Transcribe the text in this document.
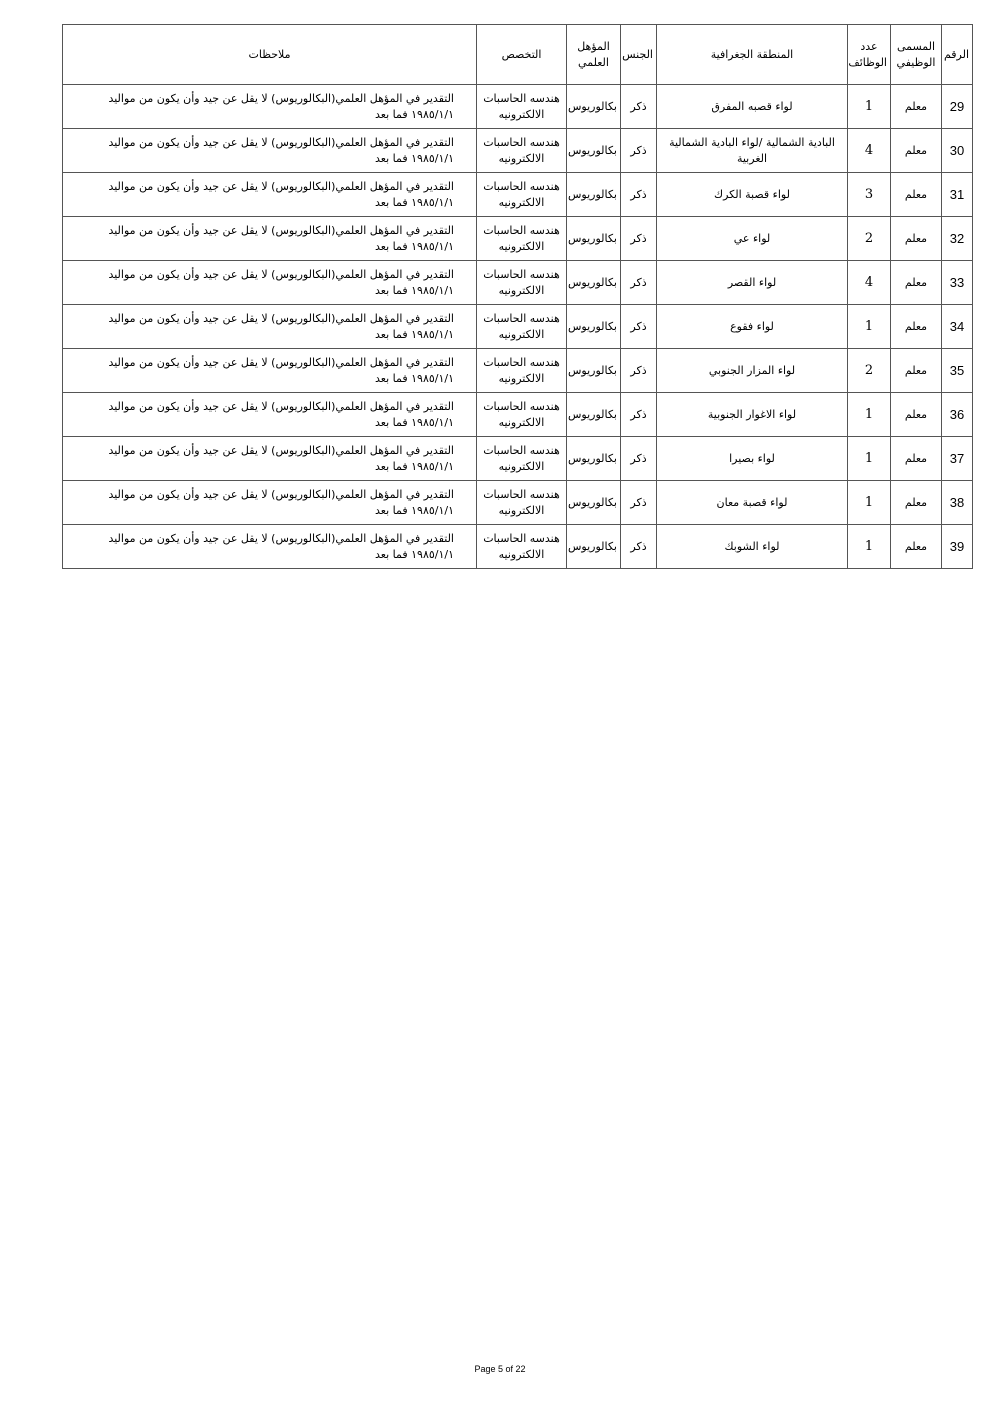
الرقم	المسمى الوظيفي	عدد الوظائف	المنطقة الجغرافية	الجنس	المؤهل العلمي	التخصص	ملاحظات
29	معلم	1	لواء قصبه المفرق	ذكر	بكالوريوس	هندسه الحاسبات الالكترونيه	التقدير في المؤهل العلمي(البكالوريوس) لا يقل عن جيد وأن يكون من مواليد ١٩٨٥/١/١ فما بعد
30	معلم	4	البادية الشمالية /لواء البادية الشمالية الغربية	ذكر	بكالوريوس	هندسه الحاسبات الالكترونيه	التقدير في المؤهل العلمي(البكالوريوس) لا يقل عن جيد وأن يكون من مواليد ١٩٨٥/١/١ فما بعد
31	معلم	3	لواء قصبة الكرك	ذكر	بكالوريوس	هندسه الحاسبات الالكترونيه	التقدير في المؤهل العلمي(البكالوريوس) لا يقل عن جيد وأن يكون من مواليد ١٩٨٥/١/١ فما بعد
32	معلم	2	لواء عي	ذكر	بكالوريوس	هندسه الحاسبات الالكترونيه	التقدير في المؤهل العلمي(البكالوريوس) لا يقل عن جيد وأن يكون من مواليد ١٩٨٥/١/١ فما بعد
33	معلم	4	لواء القصر	ذكر	بكالوريوس	هندسه الحاسبات الالكترونيه	التقدير في المؤهل العلمي(البكالوريوس) لا يقل عن جيد وأن يكون من مواليد ١٩٨٥/١/١ فما بعد
34	معلم	1	لواء فقوع	ذكر	بكالوريوس	هندسه الحاسبات الالكترونيه	التقدير في المؤهل العلمي(البكالوريوس) لا يقل عن جيد وأن يكون من مواليد ١٩٨٥/١/١ فما بعد
35	معلم	2	لواء المزار الجنوبي	ذكر	بكالوريوس	هندسه الحاسبات الالكترونيه	التقدير في المؤهل العلمي(البكالوريوس) لا يقل عن جيد وأن يكون من مواليد ١٩٨٥/١/١ فما بعد
36	معلم	1	لواء الاغوار الجنوبية	ذكر	بكالوريوس	هندسه الحاسبات الالكترونيه	التقدير في المؤهل العلمي(البكالوريوس) لا يقل عن جيد وأن يكون من مواليد ١٩٨٥/١/١ فما بعد
37	معلم	1	لواء بصيرا	ذكر	بكالوريوس	هندسه الحاسبات الالكترونيه	التقدير في المؤهل العلمي(البكالوريوس) لا يقل عن جيد وأن يكون من مواليد ١٩٨٥/١/١ فما بعد
38	معلم	1	لواء قصبة معان	ذكر	بكالوريوس	هندسه الحاسبات الالكترونيه	التقدير في المؤهل العلمي(البكالوريوس) لا يقل عن جيد وأن يكون من مواليد ١٩٨٥/١/١ فما بعد
39	معلم	1	لواء الشوبك	ذكر	بكالوريوس	هندسه الحاسبات الالكترونيه	التقدير في المؤهل العلمي(البكالوريوس) لا يقل عن جيد وأن يكون من مواليد ١٩٨٥/١/١ فما بعد
Page 5 of 22
